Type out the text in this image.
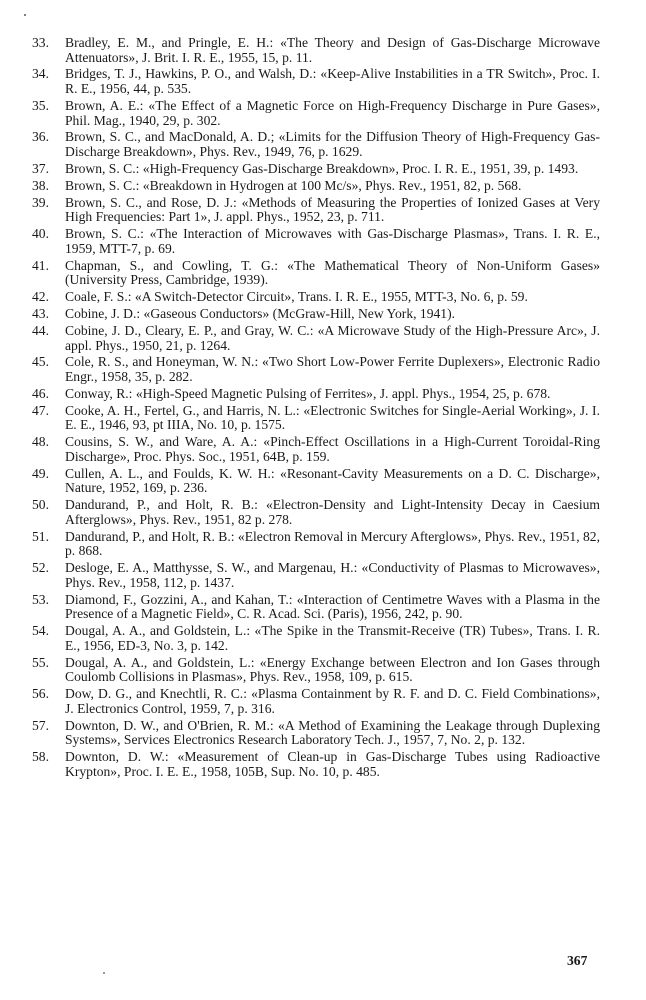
33.	Bradley, E. M., and Pringle, E. H.: «The Theory and Design of Gas-Discharge Microwave Attenuators», J. Brit. I. R. E., 1955, 15, p. 11.
34.	Bridges, T. J., Hawkins, P. O., and Walsh, D.: «Keep-Alive Instabilities in a TR Switch», Proc. I. R. E., 1956, 44, p. 535.
35.	Brown, A. E.: «The Effect of a Magnetic Force on High-Frequency Discharge in Pure Gases», Phil. Mag., 1940, 29, p. 302.
36.	Brown, S. C., and MacDonald, A. D.; «Limits for the Diffusion Theory of High-Frequency Gas-Discharge Breakdown», Phys. Rev., 1949, 76, p. 1629.
37.	Brown, S. C.: «High-Frequency Gas-Discharge Breakdown», Proc. I. R. E., 1951, 39, p. 1493.
38.	Brown, S. C.: «Breakdown in Hydrogen at 100 Mc/s», Phys. Rev., 1951, 82, p. 568.
39.	Brown, S. C., and Rose, D. J.: «Methods of Measuring the Properties of Ionized Gases at Very High Frequencies: Part 1», J. appl. Phys., 1952, 23, p. 711.
40.	Brown, S. C.: «The Interaction of Microwaves with Gas-Discharge Plasmas», Trans. I. R. E., 1959, MTT-7, p. 69.
41.	Chapman, S., and Cowling, T. G.: «The Mathematical Theory of Non-Uniform Gases» (University Press, Cambridge, 1939).
42.	Coale, F. S.: «A Switch-Detector Circuit», Trans. I. R. E., 1955, MTT-3, No. 6, p. 59.
43.	Cobine, J. D.: «Gaseous Conductors» (McGraw-Hill, New York, 1941).
44.	Cobine, J. D., Cleary, E. P., and Gray, W. C.: «A Microwave Study of the High-Pressure Arc», J. appl. Phys., 1950, 21, p. 1264.
45.	Cole, R. S., and Honeyman, W. N.: «Two Short Low-Power Ferrite Duplexers», Electronic Radio Engr., 1958, 35, p. 282.
46.	Conway, R.: «High-Speed Magnetic Pulsing of Ferrites», J. appl. Phys., 1954, 25, p. 678.
47.	Cooke, A. H., Fertel, G., and Harris, N. L.: «Electronic Switches for Single-Aerial Working», J. I. E. E., 1946, 93, pt IIIA, No. 10, p. 1575.
48.	Cousins, S. W., and Ware, A. A.: «Pinch-Effect Oscillations in a High-Current Toroidal-Ring Discharge», Proc. Phys. Soc., 1951, 64B, p. 159.
49.	Cullen, A. L., and Foulds, K. W. H.: «Resonant-Cavity Measurements on a D. C. Discharge», Nature, 1952, 169, p. 236.
50.	Dandurand, P., and Holt, R. B.: «Electron-Density and Light-Intensity Decay in Caesium Afterglows», Phys. Rev., 1951, 82 p. 278.
51.	Dandurand, P., and Holt, R. B.: «Electron Removal in Mercury Afterglows», Phys. Rev., 1951, 82, p. 868.
52.	Desloge, E. A., Matthysse, S. W., and Margenau, H.: «Conductivity of Plasmas to Microwaves», Phys. Rev., 1958, 112, p. 1437.
53.	Diamond, F., Gozzini, A., and Kahan, T.: «Interaction of Centimetre Waves with a Plasma in the Presence of a Magnetic Field», C. R. Acad. Sci. (Paris), 1956, 242, p. 90.
54.	Dougal, A. A., and Goldstein, L.: «The Spike in the Transmit-Receive (TR) Tubes», Trans. I. R. E., 1956, ED-3, No. 3, p. 142.
55.	Dougal, A. A., and Goldstein, L.: «Energy Exchange between Electron and Ion Gases through Coulomb Collisions in Plasmas», Phys. Rev., 1958, 109, p. 615.
56.	Dow, D. G., and Knechtli, R. C.: «Plasma Containment by R. F. and D. C. Field Combinations», J. Electronics Control, 1959, 7, p. 316.
57.	Downton, D. W., and O'Brien, R. M.: «A Method of Examining the Leakage through Duplexing Systems», Services Electronics Research Laboratory Tech. J., 1957, 7, No. 2, p. 132.
58.	Downton, D. W.: «Measurement of Clean-up in Gas-Discharge Tubes using Radioactive Krypton», Proc. I. E. E., 1958, 105B, Sup. No. 10, p. 485.
367
